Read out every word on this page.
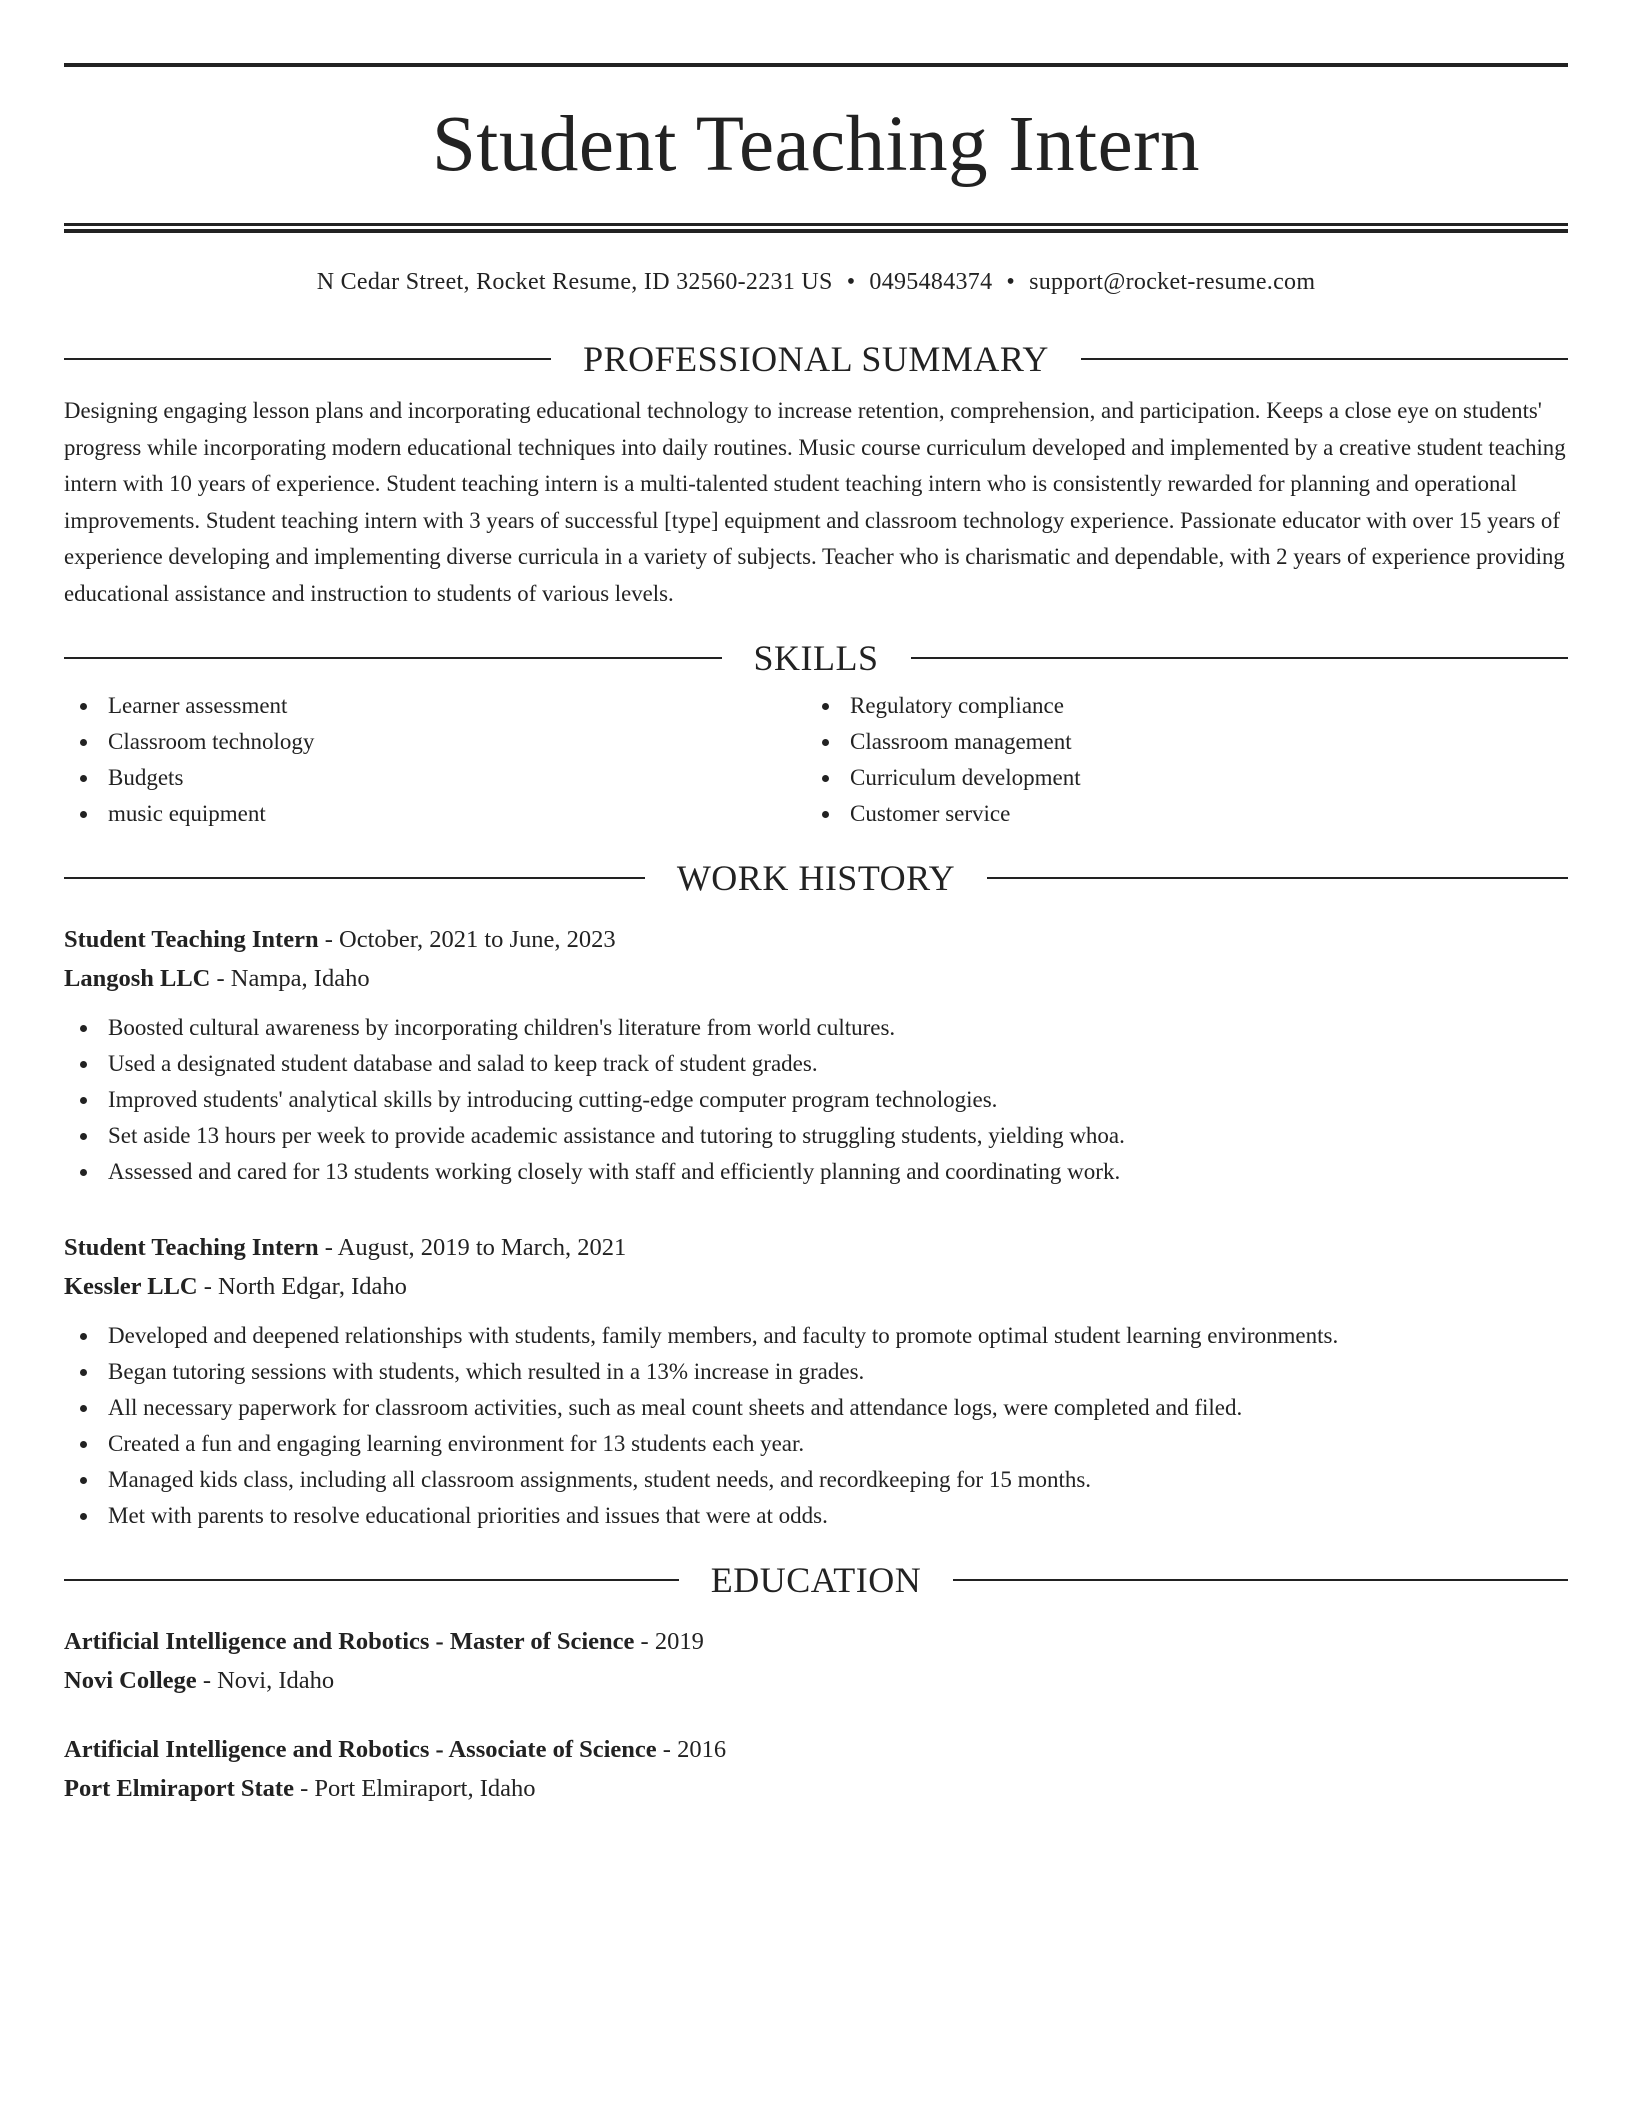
Student Teaching Intern
N Cedar Street, Rocket Resume, ID 32560-2231 US • 0495484374 • support@rocket-resume.com
PROFESSIONAL SUMMARY

Designing engaging lesson plans and incorporating educational technology to increase retention, comprehension, and participation. Keeps a close eye on students' progress while incorporating modern educational techniques into daily routines. Music course curriculum developed and implemented by a creative student teaching intern with 10 years of experience. Student teaching intern is a multi-talented student teaching intern who is consistently rewarded for planning and operational improvements. Student teaching intern with 3 years of successful [type] equipment and classroom technology experience. Passionate educator with over 15 years of experience developing and implementing diverse curricula in a variety of subjects. Teacher who is charismatic and dependable, with 2 years of experience providing educational assistance and instruction to students of various levels.

SKILLS
Learner assessment
Classroom technology
Budgets
music equipment
Regulatory compliance
Classroom management
Curriculum development
Customer service
WORK HISTORY
Student Teaching Intern - October, 2021 to June, 2023
Langosh LLC - Nampa, Idaho
Boosted cultural awareness by incorporating children's literature from world cultures.
Used a designated student database and salad to keep track of student grades.
Improved students' analytical skills by introducing cutting-edge computer program technologies.
Set aside 13 hours per week to provide academic assistance and tutoring to struggling students, yielding whoa.
Assessed and cared for 13 students working closely with staff and efficiently planning and coordinating work.
Student Teaching Intern - August, 2019 to March, 2021
Kessler LLC - North Edgar, Idaho
Developed and deepened relationships with students, family members, and faculty to promote optimal student learning environments.
Began tutoring sessions with students, which resulted in a 13% increase in grades.
All necessary paperwork for classroom activities, such as meal count sheets and attendance logs, were completed and filed.
Created a fun and engaging learning environment for 13 students each year.
Managed kids class, including all classroom assignments, student needs, and recordkeeping for 15 months.
Met with parents to resolve educational priorities and issues that were at odds.
EDUCATION
Artificial Intelligence and Robotics - Master of Science - 2019
Novi College - Novi, Idaho
Artificial Intelligence and Robotics - Associate of Science - 2016
Port Elmiraport State - Port Elmiraport, Idaho
